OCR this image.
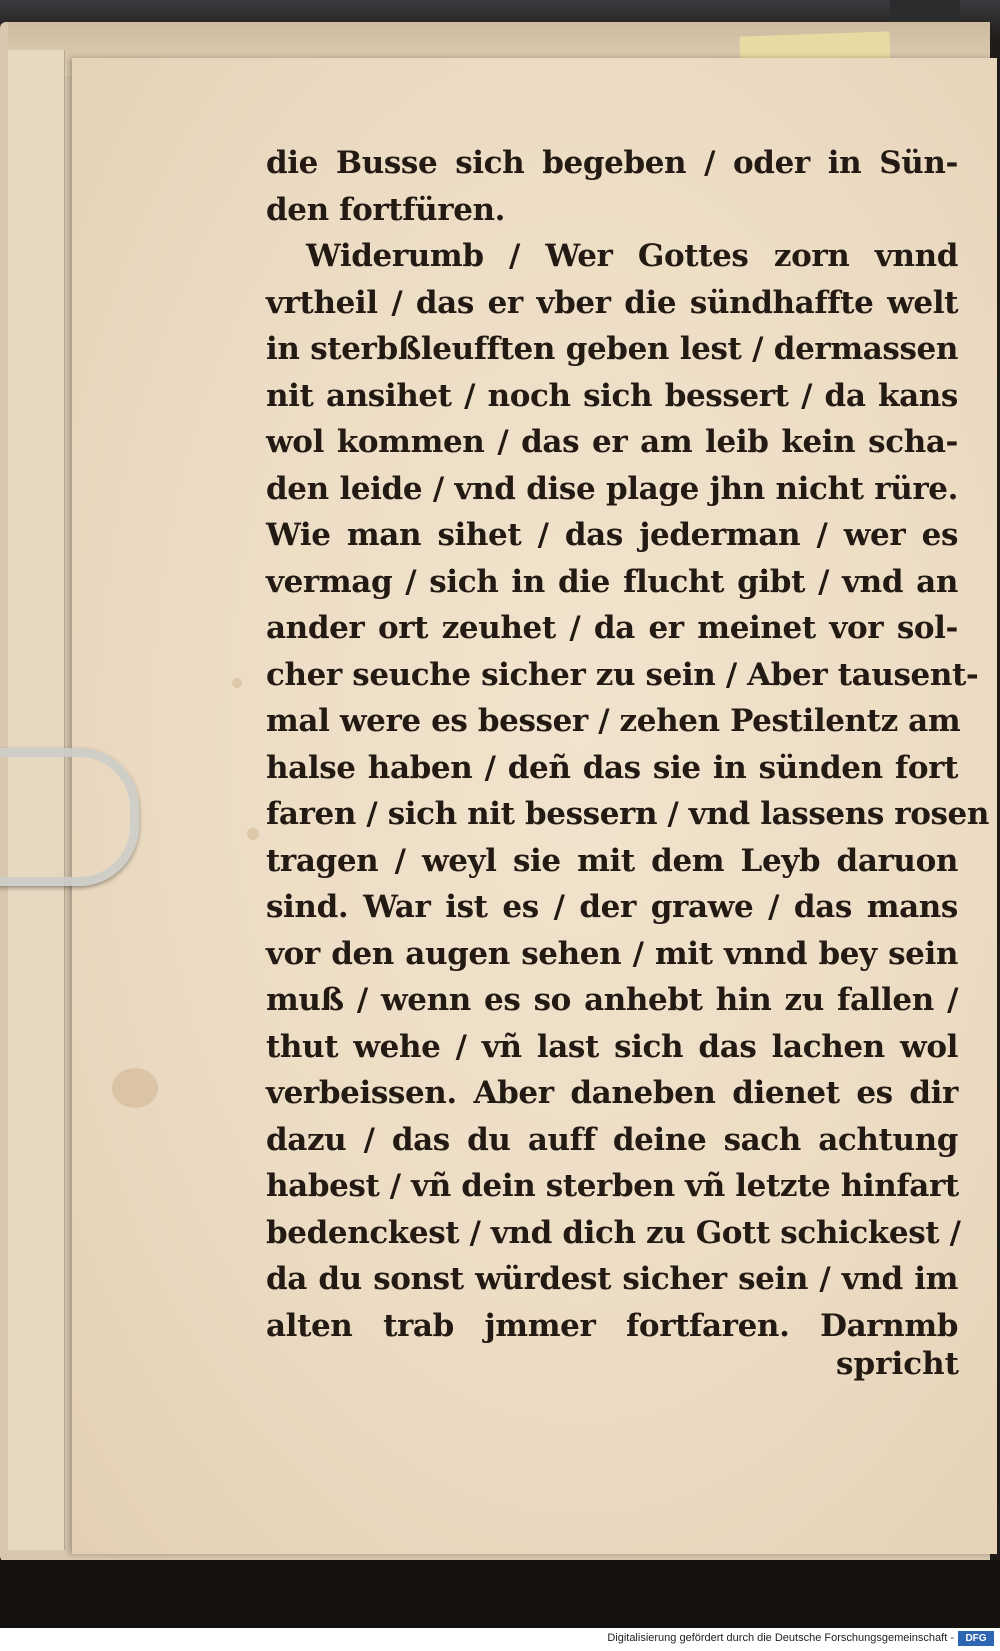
die Busse sich begeben / oder in Sün-
den fortfüren.
Widerumb / Wer Gottes zorn vnnd
vrtheil / das er vber die sündhaffte welt
in sterbßleufften geben lest / dermassen
nit ansihet / noch sich bessert / da kans
wol kommen / das er am leib kein scha-
den leide / vnd dise plage jhn nicht rüre.
Wie man sihet / das jederman / wer es
vermag / sich in die flucht gibt / vnd an
ander ort zeuhet / da er meinet vor sol-
cher seuche sicher zu sein / Aber tausent-
mal were es besser / zehen Pestilentz am
halse haben / deñ das sie in sünden fort
faren / sich nit bessern / vnd lassens rosen
tragen / weyl sie mit dem Leyb daruon
sind. War ist es / der grawe / das mans
vor den augen sehen / mit vnnd bey sein
muß / wenn es so anhebt hin zu fallen /
thut wehe / vñ last sich das lachen wol
verbeissen. Aber daneben dienet es dir
dazu / das du auff deine sach achtung
habest / vñ dein sterben vñ letzte hinfart
bedenckest / vnd dich zu Gott schickest /
da du sonst würdest sicher sein / vnd im
alten trab jmmer fortfaren. Darnmb
spricht
Digitalisierung gefördert durch die Deutsche Forschungsgemeinschaft -	DFG
